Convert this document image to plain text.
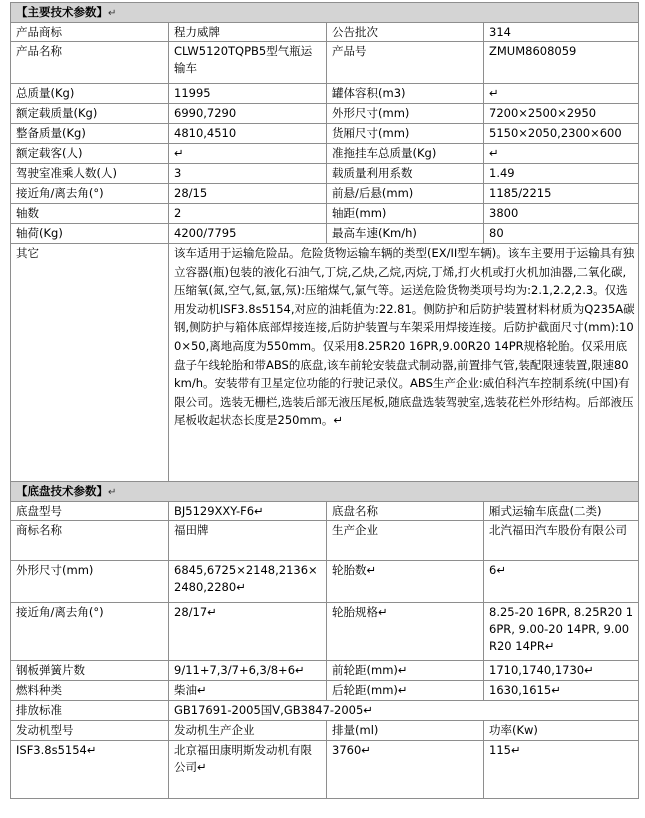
【主要技术参数】↵			
产品商标	程力威牌	公告批次	314
产品名称	CLW5120TQPB5型气瓶运输车	产品号	ZMUM8608059
总质量(Kg)	11995	罐体容积(m3)	↵
额定载质量(Kg)	6990,7290	外形尺寸(mm)	7200×2500×2950
整备质量(Kg)	4810,4510	货厢尺寸(mm)	5150×2050,2300×600
额定载客(人)	↵	准拖挂车总质量(Kg)	↵
驾驶室准乘人数(人)	3	载质量利用系数	1.49
接近角/离去角(°)	28/15	前悬/后悬(mm)	1185/2215
轴数	2	轴距(mm)	3800
轴荷(Kg)	4200/7795	最高车速(Km/h)	80
其它	该车适用于运输危险品。危险货物运输车辆的类型(EX/II型车辆)。该车主要用于运输具有独立容器(瓶)包装的液化石油气,丁烷,乙炔,乙烷,丙烷,丁烯,打火机或打火机加油器,二氧化碳,压缩氧(氮,空气,氦,氩,氖):压缩煤气,氯气等。运送危险货物类项号均为:2.1,2.2,2.3。仅选用发动机ISF3.8s5154,对应的油耗值为:22.81。侧防护和后防护装置材料材质为Q235A碳钢,侧防护与箱体底部焊接连接,后防护装置与车架采用焊接连接。后防护截面尺寸(mm):100×50,离地高度为550mm。仅采用8.25R20 16PR,9.00R20 14PR规格轮胎。仅采用底盘子午线轮胎和带ABS的底盘,该车前轮安装盘式制动器,前置排气管,装配限速装置,限速80km/h。安装带有卫星定位功能的行驶记录仪。ABS生产企业:威伯科汽车控制系统(中国)有限公司。选装无栅栏,选装后部无液压尾板,随底盘选装驾驶室,选装花栏外形结构。后部液压尾板收起状态长度是250mm。↵		
【底盘技术参数】↵			
底盘型号	BJ5129XXY-F6↵	底盘名称	厢式运输车底盘(二类)
商标名称	福田牌	生产企业	北汽福田汽车股份有限公司
外形尺寸(mm)	6845,6725×2148,2136×2480,2280↵	轮胎数↵	6↵
接近角/离去角(°)	28/17↵	轮胎规格↵	8.25-20 16PR, 8.25R20 16PR, 9.00-20 14PR, 9.00R20 14PR↵
钢板弹簧片数	9/11+7,3/7+6,3/8+6↵	前轮距(mm)↵	1710,1740,1730↵
燃料种类	柴油↵	后轮距(mm)↵	1630,1615↵
排放标准	GB17691-2005国V,GB3847-2005↵		
发动机型号	发动机生产企业	排量(ml)	功率(Kw)
ISF3.8s5154↵	北京福田康明斯发动机有限公司↵	3760↵	115↵
